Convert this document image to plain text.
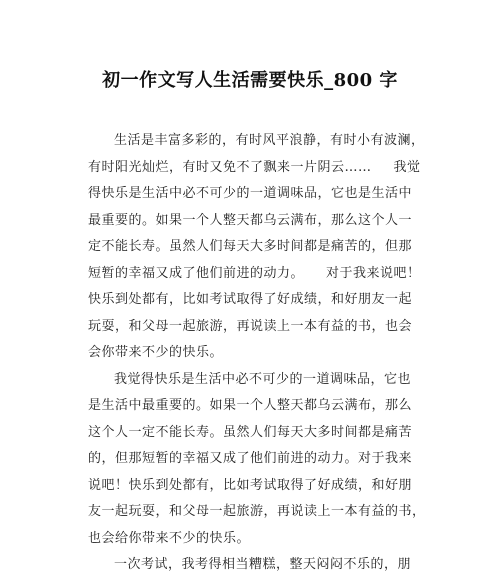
初一作文写人生活需要快乐_800 字
生活是丰富多彩的，有时风平浪静，有时小有波澜，
有时阳光灿烂，有时又免不了飘来一片阴云…… 我觉
得快乐是生活中必不可少的一道调味品，它也是生活中
最重要的。如果一个人整天都乌云满布，那么这个人一
定不能长寿。虽然人们每天大多时间都是痛苦的，但那
短暂的幸福又成了他们前进的动力。 对于我来说吧！
快乐到处都有，比如考试取得了好成绩，和好朋友一起
玩耍，和父母一起旅游，再说读上一本有益的书，也会
会你带来不少的快乐。
我觉得快乐是生活中必不可少的一道调味品，它也
是生活中最重要的。如果一个人整天都乌云满布，那么
这个人一定不能长寿。虽然人们每天大多时间都是痛苦
的，但那短暂的幸福又成了他们前进的动力。对于我来
说吧！快乐到处都有，比如考试取得了好成绩，和好朋
友一起玩耍，和父母一起旅游，再说读上一本有益的书，
也会给你带来不少的快乐。
一次考试，我考得相当糟糕，整天闷闷不乐的，朋
